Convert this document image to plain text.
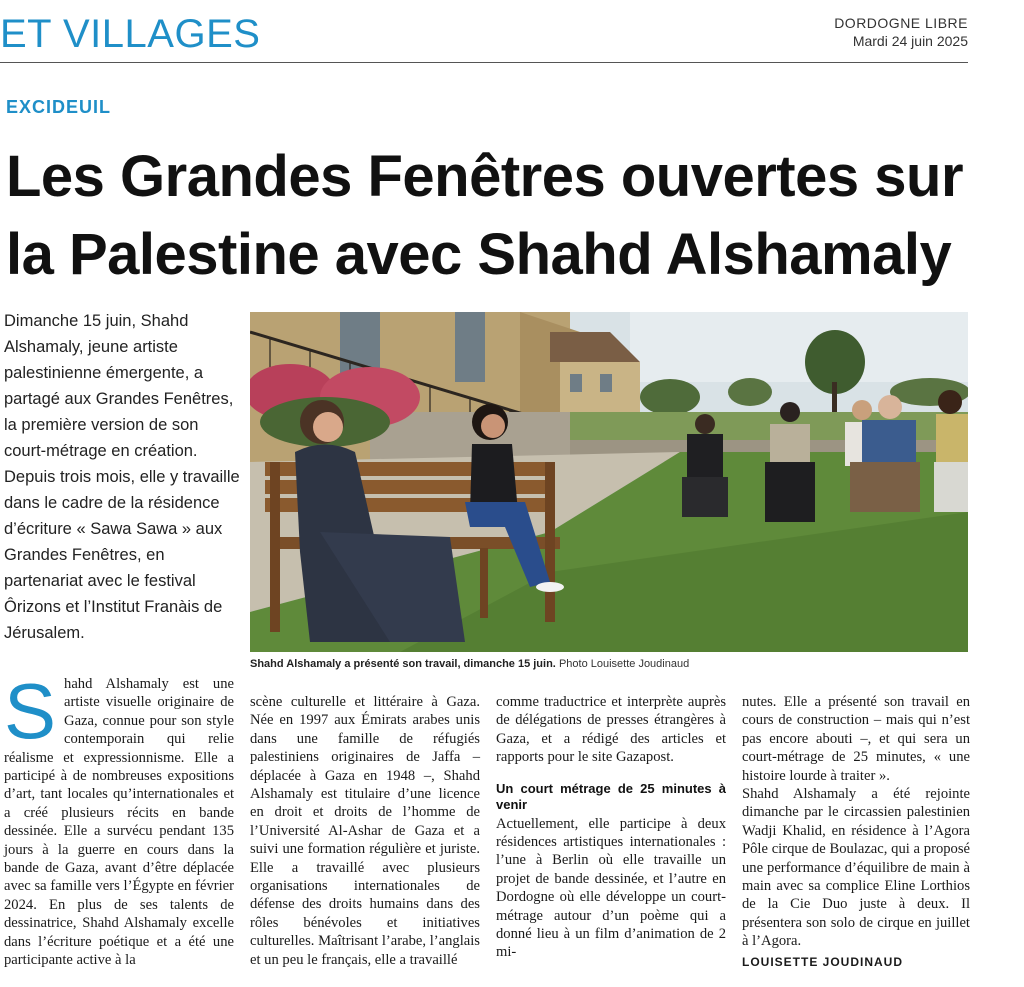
ET VILLAGES	DORDOGNE LIBRE
Mardi 24 juin 2025
EXCIDEUIL
Les Grandes Fenêtres ouvertes sur la Palestine avec Shahd Alshamaly

Dimanche 15 juin, Shahd Alshamaly, jeune artiste palestinienne émergente, a partagé aux Grandes Fenêtres, la première version de son court-métrage en création. Depuis trois mois, elle y travaille dans le cadre de la résidence d’écriture « Sawa Sawa » aux Grandes Fenêtres, en partenariat avec le festival Ôrizons et l’Institut Franàis de Jérusalem.

Shahd Alshamaly a présenté son travail, dimanche 15 juin. Photo Louisette Joudinaud
S hahd Alshamaly est une artiste visuelle originaire de Gaza, connue pour son style contemporain qui relie réalisme et expressionnisme. Elle a participé à de nombreuses expositions d’art, tant locales qu’internationales et a créé plusieurs récits en bande dessinée. Elle a survécu pendant 135 jours à la guerre en cours dans la bande de Gaza, avant d’être déplacée avec sa famille vers l’Égypte en février 2024. En plus de ses talents de dessinatrice, Shahd Alshamaly excelle dans l’écriture poétique et a été une participante active à la

scène culturelle et littéraire à Gaza. Née en 1997 aux Émirats arabes unis dans une famille de réfugiés palestiniens originaires de Jaffa – déplacée à Gaza en 1948 –, Shahd Alshamaly est titulaire d’une licence en droit et droits de l’homme de l’Université Al-Ashar de Gaza et a suivi une formation régulière et juriste. Elle a travaillé avec plusieurs organisations internationales de défense des droits humains dans des rôles bénévoles et initiatives culturelles. Maîtrisant l’arabe, l’anglais et un peu le français, elle a travaillé

comme traductrice et interprète auprès de délégations de presses étrangères à Gaza, et a rédigé des articles et rapports pour le site Gazapost.

Un court métrage de 25 minutes à venir

Actuellement, elle participe à deux résidences artistiques internationales : l’une à Berlin où elle travaille un projet de bande dessinée, et l’autre en Dordogne où elle développe un court-métrage autour d’un poème qui a donné lieu à un film d’animation de 2 mi-

nutes. Elle a présenté son travail en cours de construction – mais qui n’est pas encore abouti –, et qui sera un court-métrage de 25 minutes, « une histoire lourde à traiter ».

Shahd Alshamaly a été rejointe dimanche par le circassien palestinien Wadji Khalid, en résidence à l’Agora Pôle cirque de Boulazac, qui a proposé une performance d’équilibre de main à main avec sa complice Eline Lorthios de la Cie Duo juste à deux. Il présentera son solo de cirque en juillet à l’Agora.

LOUISETTE JOUDINAUD
